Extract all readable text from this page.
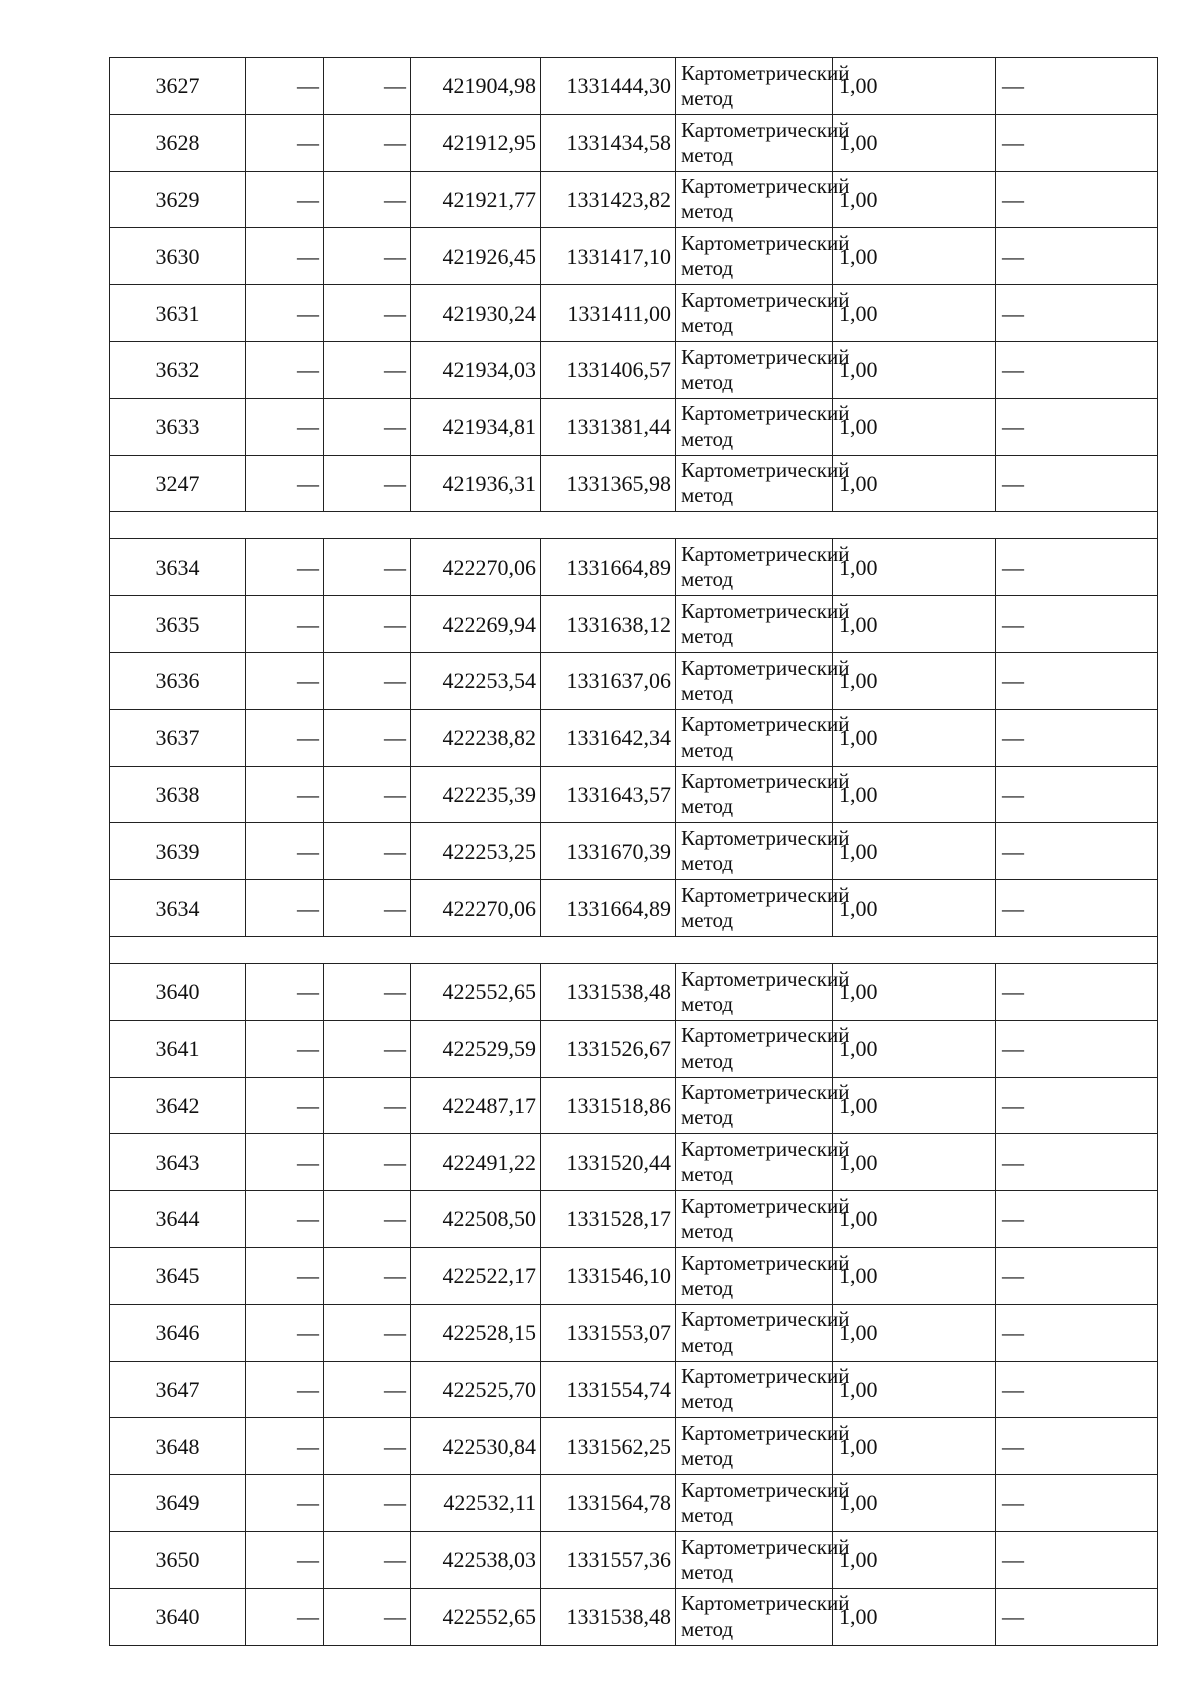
3627	—	—	421904,98	1331444,30	Картометрический метод	1,00	—
3628	—	—	421912,95	1331434,58	Картометрический метод	1,00	—
3629	—	—	421921,77	1331423,82	Картометрический метод	1,00	—
3630	—	—	421926,45	1331417,10	Картометрический метод	1,00	—
3631	—	—	421930,24	1331411,00	Картометрический метод	1,00	—
3632	—	—	421934,03	1331406,57	Картометрический метод	1,00	—
3633	—	—	421934,81	1331381,44	Картометрический метод	1,00	—
3247	—	—	421936,31	1331365,98	Картометрический метод	1,00	—

3634	—	—	422270,06	1331664,89	Картометрический метод	1,00	—
3635	—	—	422269,94	1331638,12	Картометрический метод	1,00	—
3636	—	—	422253,54	1331637,06	Картометрический метод	1,00	—
3637	—	—	422238,82	1331642,34	Картометрический метод	1,00	—
3638	—	—	422235,39	1331643,57	Картометрический метод	1,00	—
3639	—	—	422253,25	1331670,39	Картометрический метод	1,00	—
3634	—	—	422270,06	1331664,89	Картометрический метод	1,00	—

3640	—	—	422552,65	1331538,48	Картометрический метод	1,00	—
3641	—	—	422529,59	1331526,67	Картометрический метод	1,00	—
3642	—	—	422487,17	1331518,86	Картометрический метод	1,00	—
3643	—	—	422491,22	1331520,44	Картометрический метод	1,00	—
3644	—	—	422508,50	1331528,17	Картометрический метод	1,00	—
3645	—	—	422522,17	1331546,10	Картометрический метод	1,00	—
3646	—	—	422528,15	1331553,07	Картометрический метод	1,00	—
3647	—	—	422525,70	1331554,74	Картометрический метод	1,00	—
3648	—	—	422530,84	1331562,25	Картометрический метод	1,00	—
3649	—	—	422532,11	1331564,78	Картометрический метод	1,00	—
3650	—	—	422538,03	1331557,36	Картометрический метод	1,00	—
3640	—	—	422552,65	1331538,48	Картометрический метод	1,00	—
